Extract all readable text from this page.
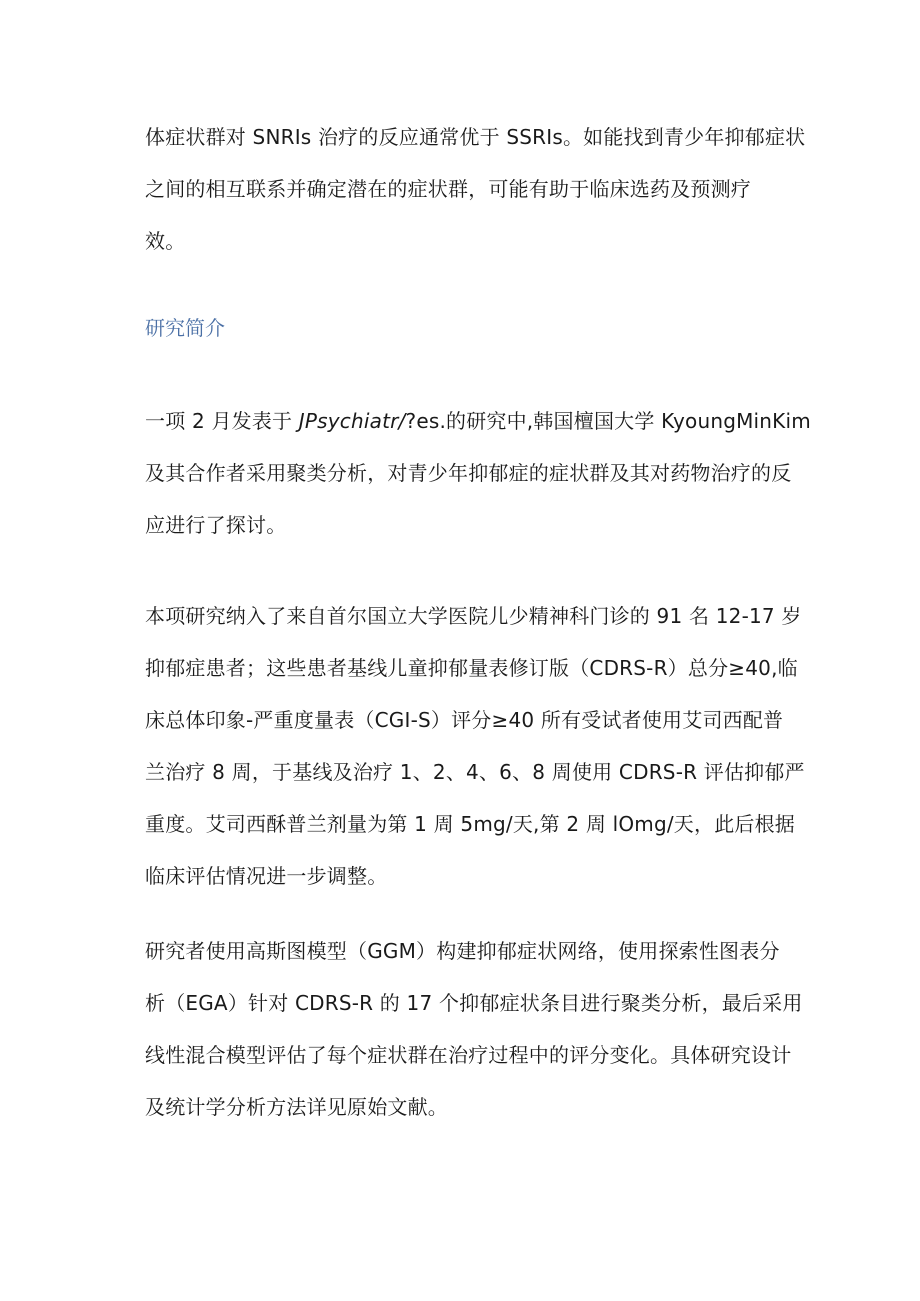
体症状群对 SNRIs 治疗的反应通常优于 SSRIs。如能找到青少年抑郁症状
之间的相互联系并确定潜在的症状群，可能有助于临床选药及预测疗
效。
研究简介
一项 2 月发表于 JPsychiatr/?es.的研究中,韩国檀国大学 KyoungMinKim
及其合作者采用聚类分析，对青少年抑郁症的症状群及其对药物治疗的反
应进行了探讨。
本项研究纳入了来自首尔国立大学医院儿少精神科门诊的 91 名 12-17 岁
抑郁症患者；这些患者基线儿童抑郁量表修订版（CDRS-R）总分≥40,临
床总体印象-严重度量表（CGI-S）评分≥40 所有受试者使用艾司西配普
兰治疗 8 周，于基线及治疗 1、2、4、6、8 周使用 CDRS-R 评估抑郁严
重度。艾司西酥普兰剂量为第 1 周 5mg/天,第 2 周 lOmg/天，此后根据
临床评估情况进一步调整。
研究者使用高斯图模型（GGM）构建抑郁症状网络，使用探索性图表分
析（EGA）针对 CDRS-R 的 17 个抑郁症状条目进行聚类分析，最后采用
线性混合模型评估了每个症状群在治疗过程中的评分变化。具体研究设计
及统计学分析方法详见原始文献。
